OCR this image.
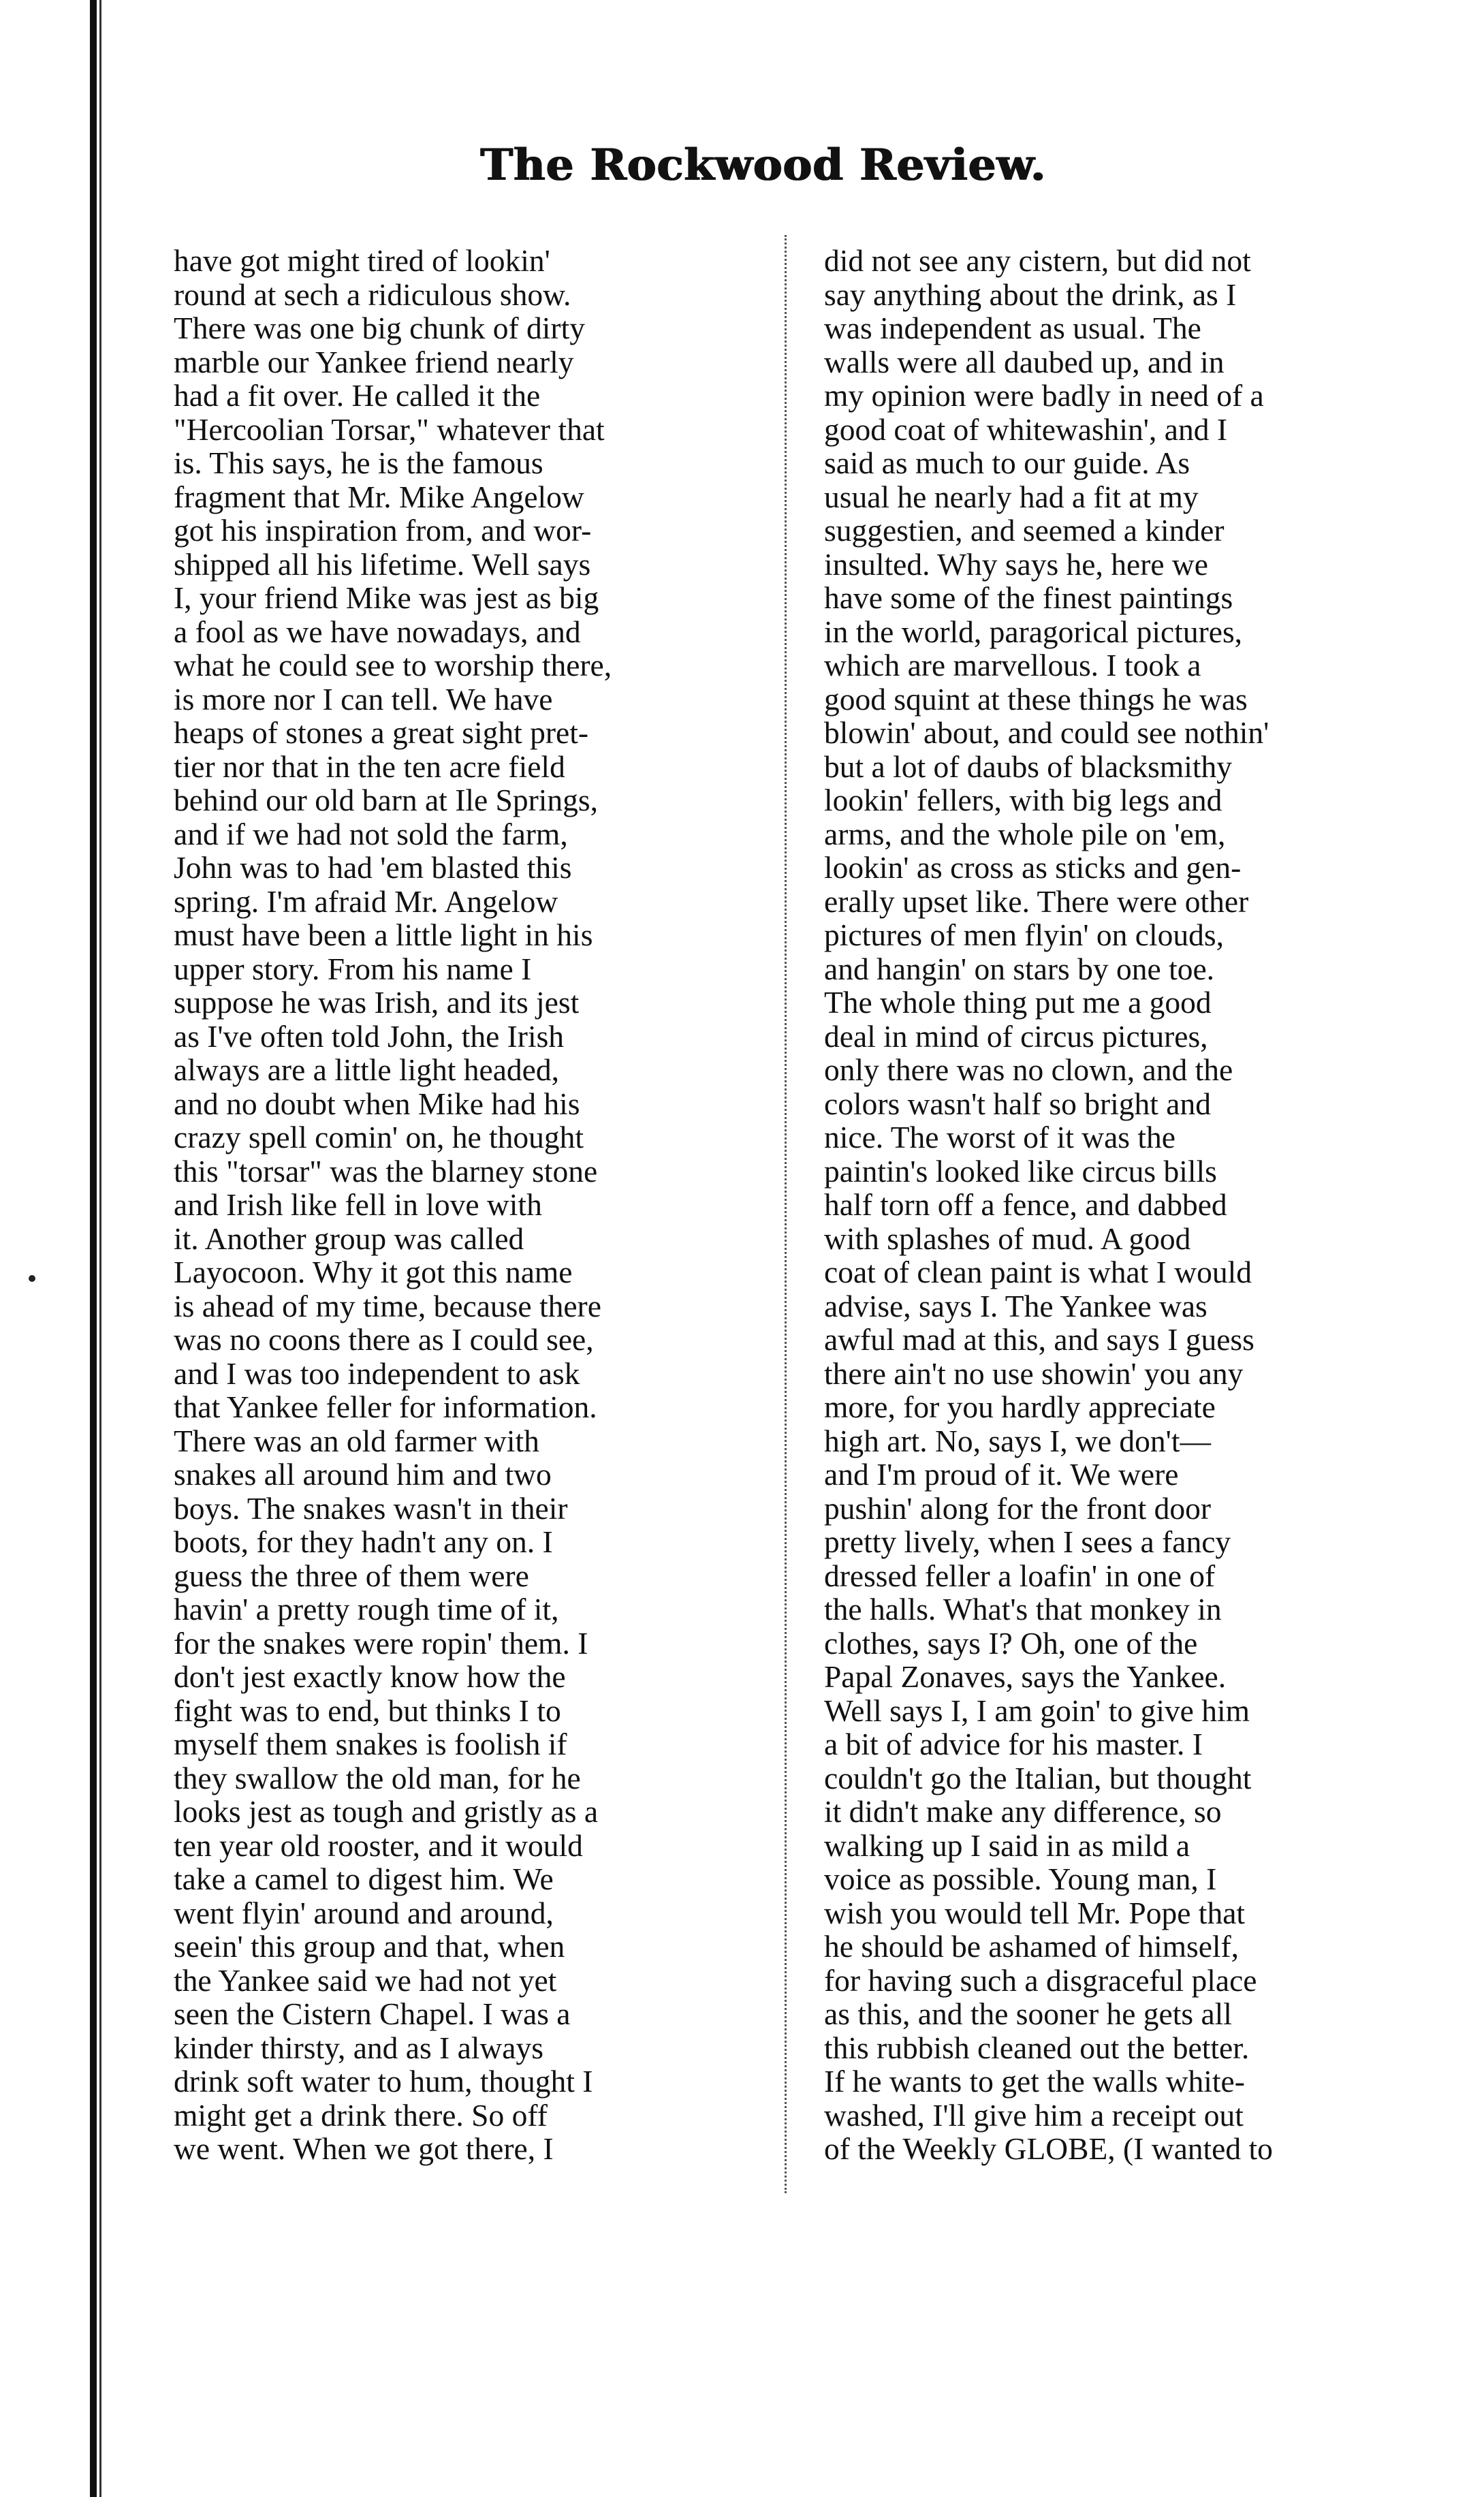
The Rockwood Review.
have got might tired of lookin'
round at sech a ridiculous show.
There was one big chunk of dirty
marble our Yankee friend nearly
had a fit over. He called it the
"Hercoolian Torsar," whatever that
is. This says, he is the famous
fragment that Mr. Mike Angelow
got his inspiration from, and wor-
shipped all his lifetime. Well says
I, your friend Mike was jest as big
a fool as we have nowadays, and
what he could see to worship there,
is more nor I can tell. We have
heaps of stones a great sight pret-
tier nor that in the ten acre field
behind our old barn at Ile Springs,
and if we had not sold the farm,
John was to had 'em blasted this
spring. I'm afraid Mr. Angelow
must have been a little light in his
upper story. From his name I
suppose he was Irish, and its jest
as I've often told John, the Irish
always are a little light headed,
and no doubt when Mike had his
crazy spell comin' on, he thought
this "torsar" was the blarney stone
and Irish like fell in love with
it. Another group was called
Layocoon. Why it got this name
is ahead of my time, because there
was no coons there as I could see,
and I was too independent to ask
that Yankee feller for information.
There was an old farmer with
snakes all around him and two
boys. The snakes wasn't in their
boots, for they hadn't any on. I
guess the three of them were
havin' a pretty rough time of it,
for the snakes were ropin' them. I
don't jest exactly know how the
fight was to end, but thinks I to
myself them snakes is foolish if
they swallow the old man, for he
looks jest as tough and gristly as a
ten year old rooster, and it would
take a camel to digest him. We
went flyin' around and around,
seein' this group and that, when
the Yankee said we had not yet
seen the Cistern Chapel. I was a
kinder thirsty, and as I always
drink soft water to hum, thought I
might get a drink there. So off
we went. When we got there, I
did not see any cistern, but did not
say anything about the drink, as I
was independent as usual. The
walls were all daubed up, and in
my opinion were badly in need of a
good coat of whitewashin', and I
said as much to our guide. As
usual he nearly had a fit at my
suggestien, and seemed a kinder
insulted. Why says he, here we
have some of the finest paintings
in the world, paragorical pictures,
which are marvellous. I took a
good squint at these things he was
blowin' about, and could see nothin'
but a lot of daubs of blacksmithy
lookin' fellers, with big legs and
arms, and the whole pile on 'em,
lookin' as cross as sticks and gen-
erally upset like. There were other
pictures of men flyin' on clouds,
and hangin' on stars by one toe.
The whole thing put me a good
deal in mind of circus pictures,
only there was no clown, and the
colors wasn't half so bright and
nice. The worst of it was the
paintin's looked like circus bills
half torn off a fence, and dabbed
with splashes of mud. A good
coat of clean paint is what I would
advise, says I. The Yankee was
awful mad at this, and says I guess
there ain't no use showin' you any
more, for you hardly appreciate
high art. No, says I, we don't—
and I'm proud of it. We were
pushin' along for the front door
pretty lively, when I sees a fancy
dressed feller a loafin' in one of
the halls. What's that monkey in
clothes, says I? Oh, one of the
Papal Zonaves, says the Yankee.
Well says I, I am goin' to give him
a bit of advice for his master. I
couldn't go the Italian, but thought
it didn't make any difference, so
walking up I said in as mild a
voice as possible. Young man, I
wish you would tell Mr. Pope that
he should be ashamed of himself,
for having such a disgraceful place
as this, and the sooner he gets all
this rubbish cleaned out the better.
If he wants to get the walls white-
washed, I'll give him a receipt out
of the Weekly GLOBE, (I wanted to
